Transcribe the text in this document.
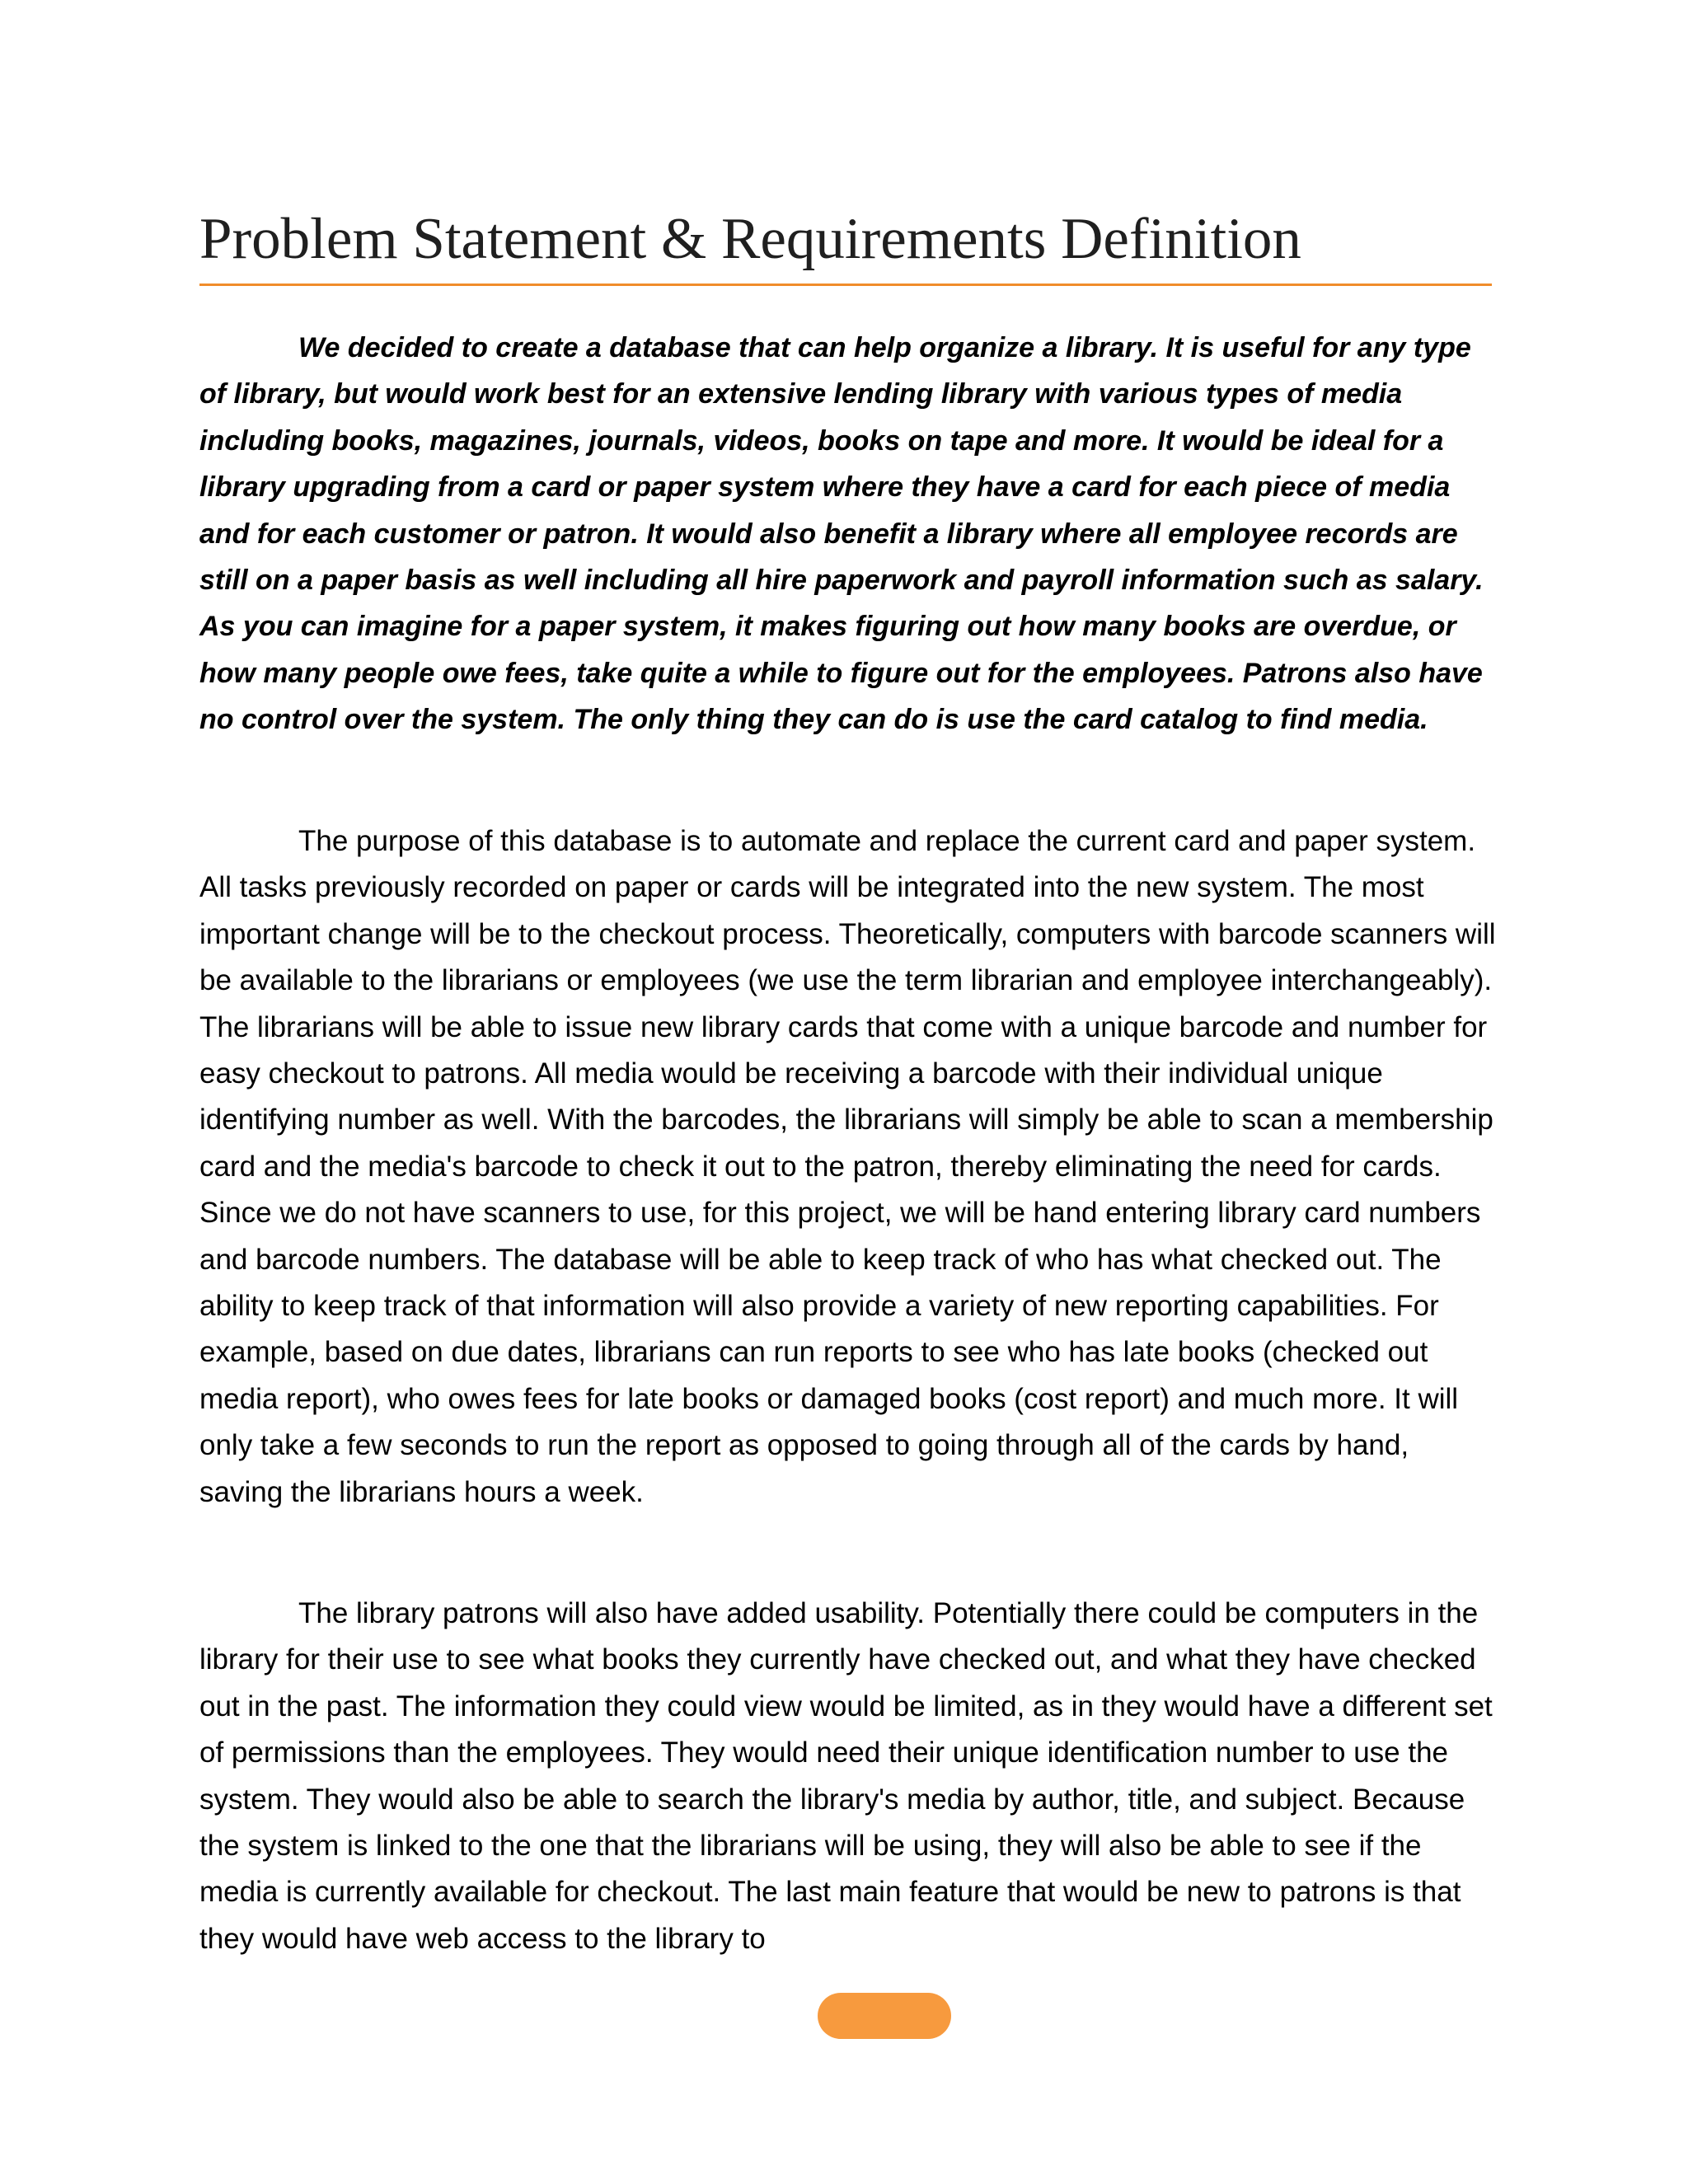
Problem Statement & Requirements Definition

We decided to create a database that can help organize a library. It is useful for any type of library, but would work best for an extensive lending library with various types of media including books, magazines, journals, videos, books on tape and more. It would be ideal for a library upgrading from a card or paper system where they have a card for each piece of media and for each customer or patron. It would also benefit a library where all employee records are still on a paper basis as well including all hire paperwork and payroll information such as salary. As you can imagine for a paper system, it makes figuring out how many books are overdue, or how many people owe fees, take quite a while to figure out for the employees. Patrons also have no control over the system. The only thing they can do is use the card catalog to find media.

The purpose of this database is to automate and replace the current card and paper system. All tasks previously recorded on paper or cards will be integrated into the new system. The most important change will be to the checkout process. Theoretically, computers with barcode scanners will be available to the librarians or employees (we use the term librarian and employee interchangeably). The librarians will be able to issue new library cards that come with a unique barcode and number for easy checkout to patrons. All media would be receiving a barcode with their individual unique identifying number as well. With the barcodes, the librarians will simply be able to scan a membership card and the media's barcode to check it out to the patron, thereby eliminating the need for cards. Since we do not have scanners to use, for this project, we will be hand entering library card numbers and barcode numbers. The database will be able to keep track of who has what checked out. The ability to keep track of that information will also provide a variety of new reporting capabilities. For example, based on due dates, librarians can run reports to see who has late books (checked out media report), who owes fees for late books or damaged books (cost report) and much more. It will only take a few seconds to run the report as opposed to going through all of the cards by hand, saving the librarians hours a week.

The library patrons will also have added usability. Potentially there could be computers in the library for their use to see what books they currently have checked out, and what they have checked out in the past. The information they could view would be limited, as in they would have a different set of permissions than the employees. They would need their unique identification number to use the system. They would also be able to search the library's media by author, title, and subject. Because the system is linked to the one that the librarians will be using, they will also be able to see if the media is currently available for checkout. The last main feature that would be new to patrons is that they would have web access to the library to
